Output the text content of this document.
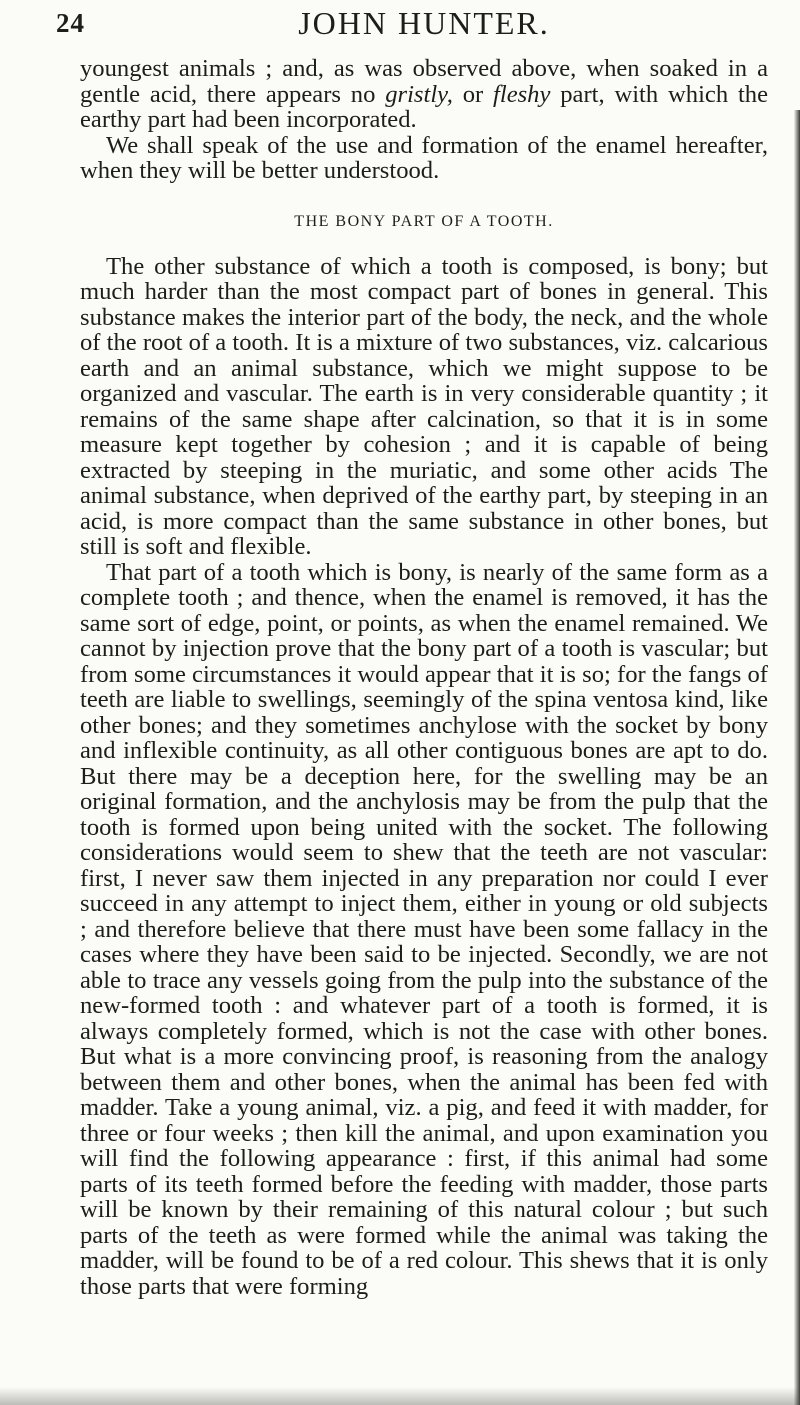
24	JOHN HUNTER.

youngest animals ; and, as was observed above, when soaked in a gentle acid, there appears no gristly, or fleshy part, with which the earthy part had been incorporated.

We shall speak of the use and formation of the enamel hereafter, when they will be better understood.

THE BONY PART OF A TOOTH.

The other substance of which a tooth is composed, is bony; but much harder than the most compact part of bones in general. This substance makes the interior part of the body, the neck, and the whole of the root of a tooth. It is a mixture of two substances, viz. calcarious earth and an animal substance, which we might suppose to be organized and vascular. The earth is in very considerable quantity ; it remains of the same shape after calcination, so that it is in some measure kept together by cohesion ; and it is capable of being extracted by steeping in the muriatic, and some other acids The animal substance, when deprived of the earthy part, by steeping in an acid, is more compact than the same substance in other bones, but still is soft and flexible.

That part of a tooth which is bony, is nearly of the same form as a complete tooth ; and thence, when the enamel is removed, it has the same sort of edge, point, or points, as when the enamel remained. We cannot by injection prove that the bony part of a tooth is vascular; but from some circumstances it would appear that it is so; for the fangs of teeth are liable to swellings, seemingly of the spina ventosa kind, like other bones; and they sometimes anchylose with the socket by bony and inflexible continuity, as all other contiguous bones are apt to do. But there may be a deception here, for the swelling may be an original formation, and the anchylosis may be from the pulp that the tooth is formed upon being united with the socket. The following considerations would seem to shew that the teeth are not vascular: first, I never saw them injected in any preparation nor could I ever succeed in any attempt to inject them, either in young or old subjects ; and therefore believe that there must have been some fallacy in the cases where they have been said to be injected. Secondly, we are not able to trace any vessels going from the pulp into the substance of the new-formed tooth : and whatever part of a tooth is formed, it is always completely formed, which is not the case with other bones. But what is a more convincing proof, is reasoning from the analogy between them and other bones, when the animal has been fed with madder. Take a young animal, viz. a pig, and feed it with madder, for three or four weeks ; then kill the animal, and upon examination you will find the following appearance : first, if this animal had some parts of its teeth formed before the feeding with madder, those parts will be known by their remaining of this natural colour ; but such parts of the teeth as were formed while the animal was taking the madder, will be found to be of a red colour. This shews that it is only those parts that were forming
